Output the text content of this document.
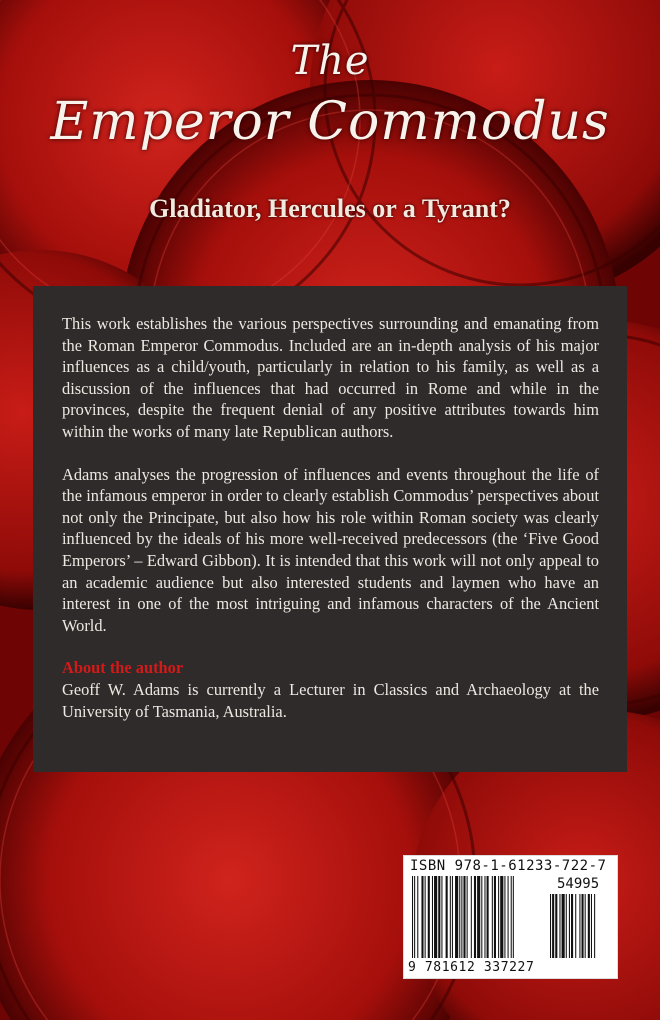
The
Emperor Commodus
Gladiator, Hercules or a Tyrant?

This work establishes the various perspectives surrounding and emanating from the Roman Emperor Commodus. Included are an in-depth analysis of his major influences as a child/youth, particularly in relation to his family, as well as a discussion of the influences that had occurred in Rome and while in the provinces, despite the frequent denial of any positive attributes towards him within the works of many late Republican authors.

Adams analyses the progression of influences and events throughout the life of the infamous emperor in order to clearly establish Commodus’ perspectives about not only the Principate, but also how his role within Roman society was clearly influenced by the ideals of his more well-received predecessors (the ‘Five Good Emperors’ – Edward Gibbon). It is intended that this work will not only appeal to an academic audience but also interested students and laymen who have an interest in one of the most intriguing and infamous characters of the Ancient World.

About the author

Geoff W. Adams is currently a Lecturer in Classics and Archaeology at the University of Tasmania, Australia.

ISBN 978-1-61233-722-7
54995
9 781612 337227
